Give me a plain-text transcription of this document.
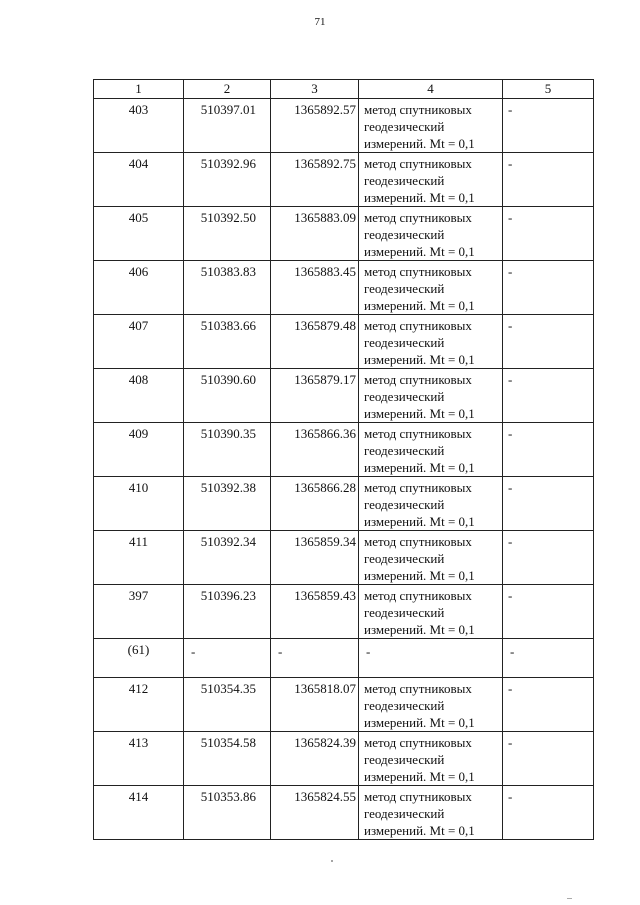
71
1	2	3	4	5
403	510397.01	1365892.57	метод спутниковых
геодезический
измерений. Mt = 0,1	-
404	510392.96	1365892.75	метод спутниковых
геодезический
измерений. Mt = 0,1	-
405	510392.50	1365883.09	метод спутниковых
геодезический
измерений. Mt = 0,1	-
406	510383.83	1365883.45	метод спутниковых
геодезический
измерений. Mt = 0,1	-
407	510383.66	1365879.48	метод спутниковых
геодезический
измерений. Mt = 0,1	-
408	510390.60	1365879.17	метод спутниковых
геодезический
измерений. Mt = 0,1	-
409	510390.35	1365866.36	метод спутниковых
геодезический
измерений. Mt = 0,1	-
410	510392.38	1365866.28	метод спутниковых
геодезический
измерений. Mt = 0,1	-
411	510392.34	1365859.34	метод спутниковых
геодезический
измерений. Mt = 0,1	-
397	510396.23	1365859.43	метод спутниковых
геодезический
измерений. Mt = 0,1	-
(61)	-	-	-	-
412	510354.35	1365818.07	метод спутниковых
геодезический
измерений. Mt = 0,1	-
413	510354.58	1365824.39	метод спутниковых
геодезический
измерений. Mt = 0,1	-
414	510353.86	1365824.55	метод спутниковых
геодезический
измерений. Mt = 0,1	-
